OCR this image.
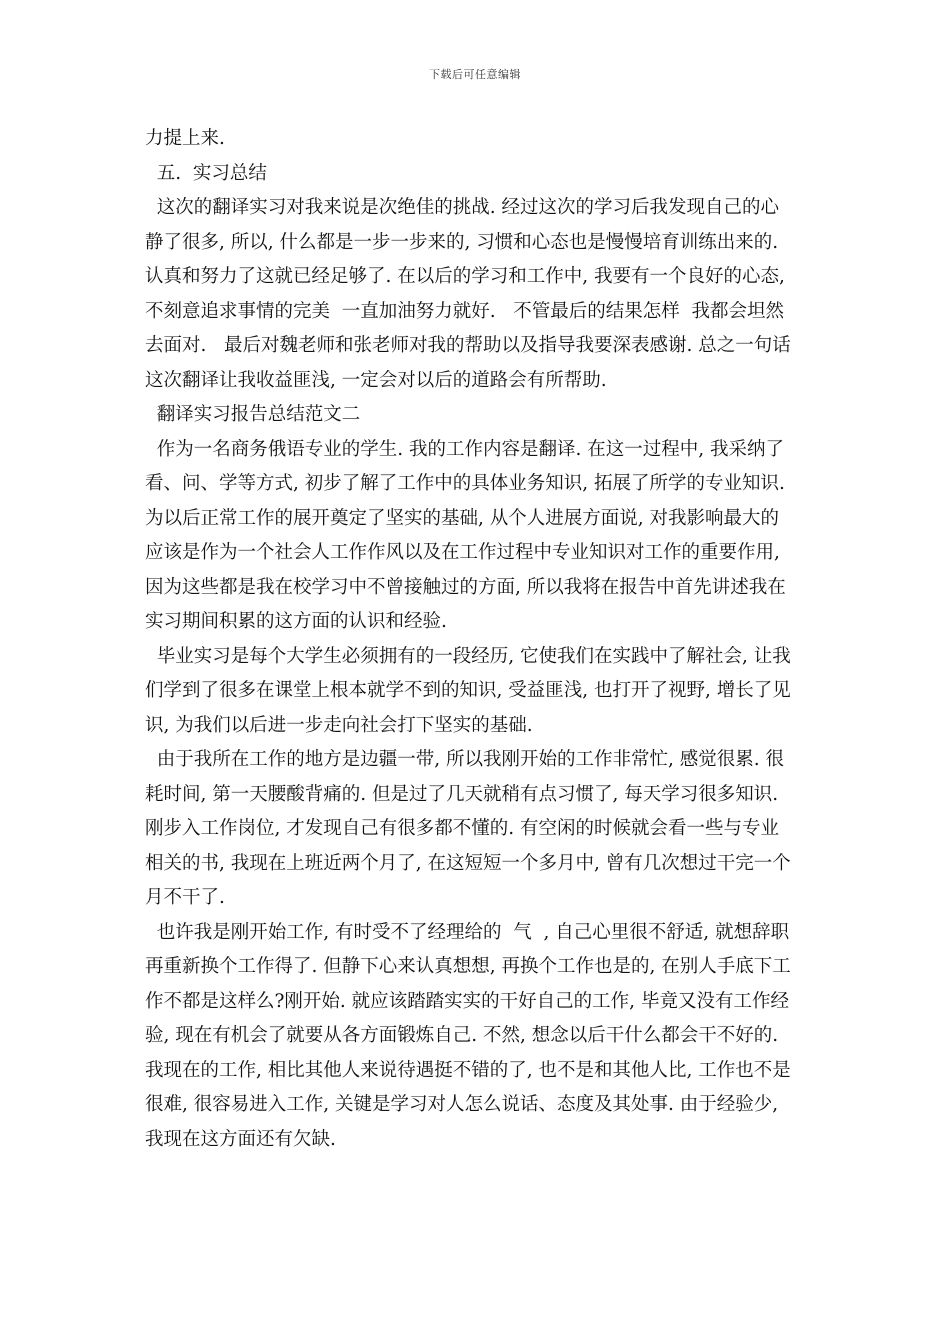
下载后可任意编辑
力提上来.
五.  实习总结
这次的翻译实习对我来说是次绝佳的挑战. 经过这次的学习后我发现自己的心
静了很多, 所以, 什么都是一步一步来的, 习惯和心态也是慢慢培育训练出来的.
认真和努力了这就已经足够了. 在以后的学习和工作中, 我要有一个良好的心态,
不刻意追求事情的完美  一直加油努力就好.   不管最后的结果怎样  我都会坦然
去面对.   最后对魏老师和张老师对我的帮助以及指导我要深表感谢. 总之一句话
这次翻译让我收益匪浅, 一定会对以后的道路会有所帮助.
翻译实习报告总结范文二
作为一名商务俄语专业的学生. 我的工作内容是翻译. 在这一过程中, 我采纳了
看、问、学等方式, 初步了解了工作中的具体业务知识, 拓展了所学的专业知识.
为以后正常工作的展开奠定了坚实的基础, 从个人进展方面说, 对我影响最大的
应该是作为一个社会人工作作风以及在工作过程中专业知识对工作的重要作用,
因为这些都是我在校学习中不曾接触过的方面, 所以我将在报告中首先讲述我在
实习期间积累的这方面的认识和经验.
毕业实习是每个大学生必须拥有的一段经历, 它使我们在实践中了解社会, 让我
们学到了很多在课堂上根本就学不到的知识, 受益匪浅, 也打开了视野, 增长了见
识, 为我们以后进一步走向社会打下坚实的基础.
由于我所在工作的地方是边疆一带, 所以我刚开始的工作非常忙, 感觉很累. 很
耗时间, 第一天腰酸背痛的. 但是过了几天就稍有点习惯了, 每天学习很多知识.
刚步入工作岗位, 才发现自己有很多都不懂的. 有空闲的时候就会看一些与专业
相关的书, 我现在上班近两个月了, 在这短短一个多月中, 曾有几次想过干完一个
月不干了.
也许我是刚开始工作, 有时受不了经理给的  气  , 自己心里很不舒适, 就想辞职
再重新换个工作得了. 但静下心来认真想想, 再换个工作也是的, 在别人手底下工
作不都是这样么?刚开始. 就应该踏踏实实的干好自己的工作, 毕竟又没有工作经
验, 现在有机会了就要从各方面锻炼自己. 不然, 想念以后干什么都会干不好的.
我现在的工作, 相比其他人来说待遇挺不错的了, 也不是和其他人比, 工作也不是
很难, 很容易进入工作, 关键是学习对人怎么说话、态度及其处事. 由于经验少,
我现在这方面还有欠缺.
